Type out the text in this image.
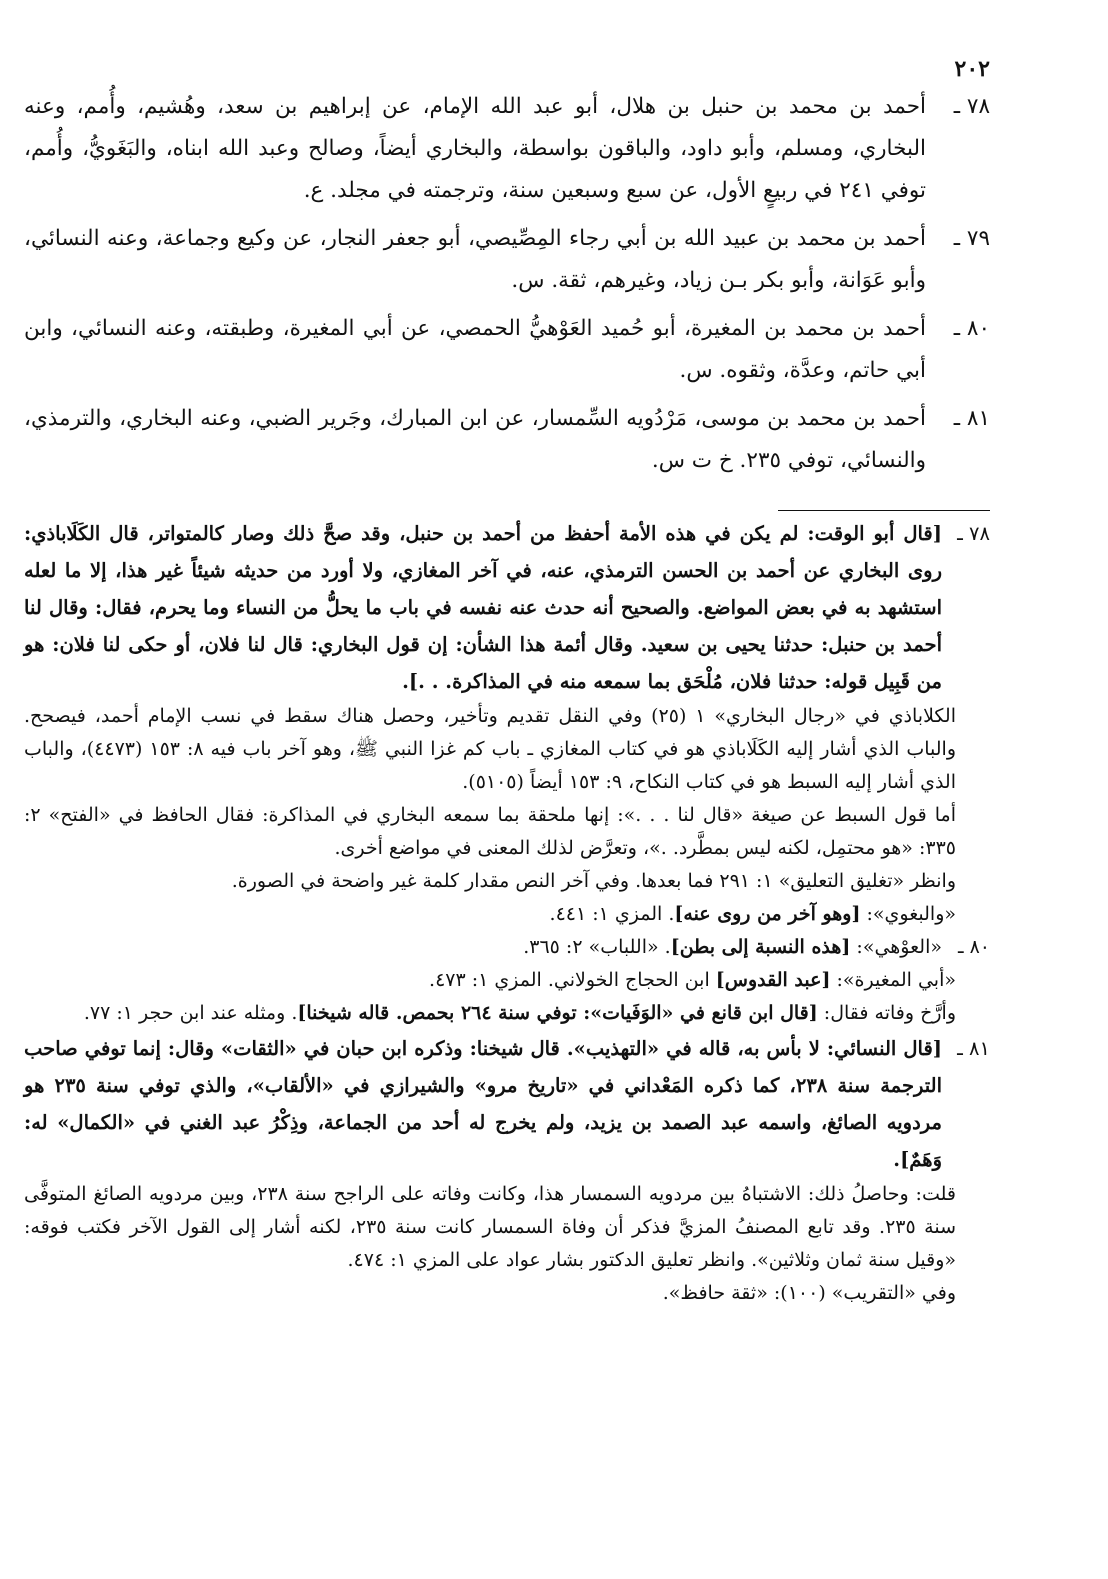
٢٠٢

٧٨ ـ
أحمد بن محمد بن حنبل بن هلال، أبو عبد الله الإمام، عن إبراهيم بن سعد، وهُشيم، وأُمم، وعنه البخاري، ومسلم، وأبو داود، والباقون بواسطة، والبخاري أيضاً، وصالح وعبد الله ابناه، والبَغَويُّ، وأُمم، توفي ٢٤١ في ربيعٍ الأول، عن سبع وسبعين سنة، وترجمته في مجلد. ع.

٧٩ ـ
أحمد بن محمد بن عبيد الله بن أبي رجاء المِصِّيصي، أبو جعفر النجار، عن وكيع وجماعة، وعنه النسائي، وأبو عَوَانة، وأبو بكر بـن زياد، وغيرهم، ثقة. س.

٨٠ ـ
أحمد بن محمد بن المغيرة، أبو حُميد العَوْهيُّ الحمصي، عن أبي المغيرة، وطبقته، وعنه النسائي، وابن أبي حاتم، وعدَّة، وثقوه. س.

٨١ ـ
أحمد بن محمد بن موسى، مَرْدُويه السِّمسار، عن ابن المبارك، وجَرير الضبي، وعنه البخاري، والترمذي، والنسائي، توفي ٢٣٥. خ ت س.

٧٨ ـ
[قال أبو الوقت: لم يكن في هذه الأمة أحفظ من أحمد بن حنبل، وقد صحَّ ذلك وصار كالمتواتر، قال الكَلَاباذي: روى البخاري عن أحمد بن الحسن الترمذي، عنه، في آخر المغازي، ولا أورد من حديثه شيئاً غير هذا، إلا ما لعله استشهد به في بعض المواضع. والصحيح أنه حدث عنه نفسه في باب ما يحلُّ من النساء وما يحرم، فقال: وقال لنا أحمد بن حنبل: حدثنا يحيى بن سعيد. وقال أئمة هذا الشأن: إن قول البخاري: قال لنا فلان، أو حكى لنا فلان: هو من قَبِيل قوله: حدثنا فلان، مُلْحَق بما سمعه منه في المذاكرة. . .].

الكلاباذي في «رجال البخاري» ١ (٢٥) وفي النقل تقديم وتأخير، وحصل هناك سقط في نسب الإمام أحمد، فيصحح. والباب الذي أشار إليه الكَلَاباذي هو في كتاب المغازي ـ باب كم غزا النبي ﷺ، وهو آخر باب فيه ٨: ١٥٣ (٤٤٧٣)، والباب الذي أشار إليه السبط هو في كتاب النكاح، ٩: ١٥٣ أيضاً (٥١٠٥).

أما قول السبط عن صيغة «قال لنا . . .»: إنها ملحقة بما سمعه البخاري في المذاكرة: فقال الحافظ في «الفتح» ٢: ٣٣٥: «هو محتمِل، لكنه ليس بمطَّرد. .»، وتعرَّض لذلك المعنى في مواضع أخرى.

وانظر «تغليق التعليق» ١: ٢٩١ فما بعدها. وفي آخر النص مقدار كلمة غير واضحة في الصورة.

«والبغوي»: [وهو آخر من روى عنه]. المزي ١: ٤٤١.

٨٠ ـ
«العوْهي»: [هذه النسبة إلى بطن]. «اللباب» ٢: ٣٦٥.

«أبي المغيرة»: [عبد القدوس] ابن الحجاج الخولاني. المزي ١: ٤٧٣.

وأرَّخ وفاته فقال: [قال ابن قانع في «الوَفَيات»: توفي سنة ٢٦٤ بحمص. قاله شيخنا]. ومثله عند ابن حجر ١: ٧٧.

٨١ ـ
[قال النسائي: لا بأس به، قاله في «التهذيب». قال شيخنا: وذكره ابن حبان في «الثقات» وقال: إنما توفي صاحب الترجمة سنة ٢٣٨، كما ذكره المَعْداني في «تاريخ مرو» والشيرازي في «الألقاب»، والذي توفي سنة ٢٣٥ هو مردويه الصائغ، واسمه عبد الصمد بن يزيد، ولم يخرج له أحد من الجماعة، وذِكْرُ عبد الغني في «الكمال» له: وَهَمٌ].

قلت: وحاصلُ ذلك: الاشتباهُ بين مردويه السمسار هذا، وكانت وفاته على الراجح سنة ٢٣٨، وبين مردويه الصائغ المتوفَّى سنة ٢٣٥. وقد تابع المصنفُ المزيَّ فذكر أن وفاة السمسار كانت سنة ٢٣٥، لكنه أشار إلى القول الآخر فكتب فوقه: «وقيل سنة ثمان وثلاثين». وانظر تعليق الدكتور بشار عواد على المزي ١: ٤٧٤.

وفي «التقريب» (١٠٠): «ثقة حافظ».
